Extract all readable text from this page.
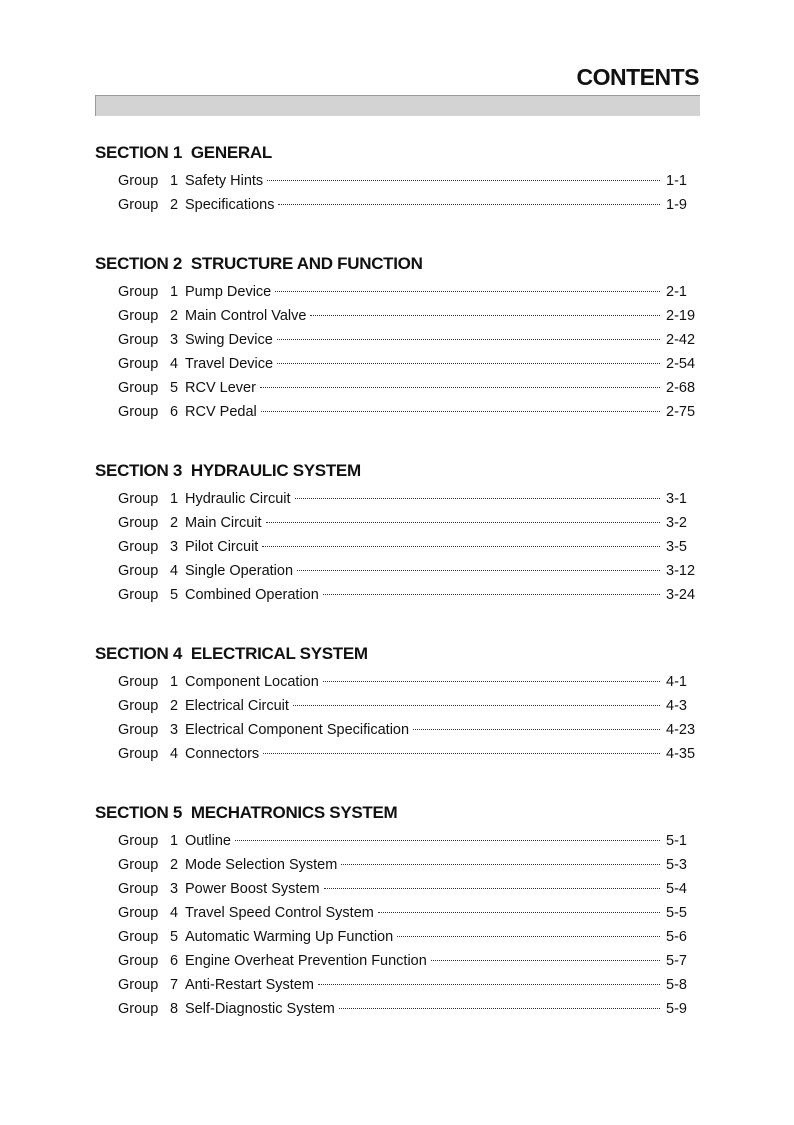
CONTENTS
SECTION 1  GENERAL
Group 1 Safety Hints	1-1
Group 2 Specifications	1-9
SECTION 2  STRUCTURE AND FUNCTION
Group 1 Pump Device	2-1
Group 2 Main Control Valve	2-19
Group 3 Swing Device	2-42
Group 4 Travel Device	2-54
Group 5 RCV Lever	2-68
Group 6 RCV Pedal	2-75
SECTION 3  HYDRAULIC SYSTEM
Group 1 Hydraulic Circuit	3-1
Group 2 Main Circuit	3-2
Group 3 Pilot Circuit	3-5
Group 4 Single Operation	3-12
Group 5 Combined Operation	3-24
SECTION 4  ELECTRICAL SYSTEM
Group 1 Component Location	4-1
Group 2 Electrical Circuit	4-3
Group 3 Electrical Component Specification	4-23
Group 4 Connectors	4-35
SECTION 5  MECHATRONICS SYSTEM
Group 1 Outline	5-1
Group 2 Mode Selection System	5-3
Group 3 Power Boost System	5-4
Group 4 Travel Speed Control System	5-5
Group 5 Automatic Warming Up Function	5-6
Group 6 Engine Overheat Prevention Function	5-7
Group 7 Anti-Restart System	5-8
Group 8 Self-Diagnostic System	5-9
